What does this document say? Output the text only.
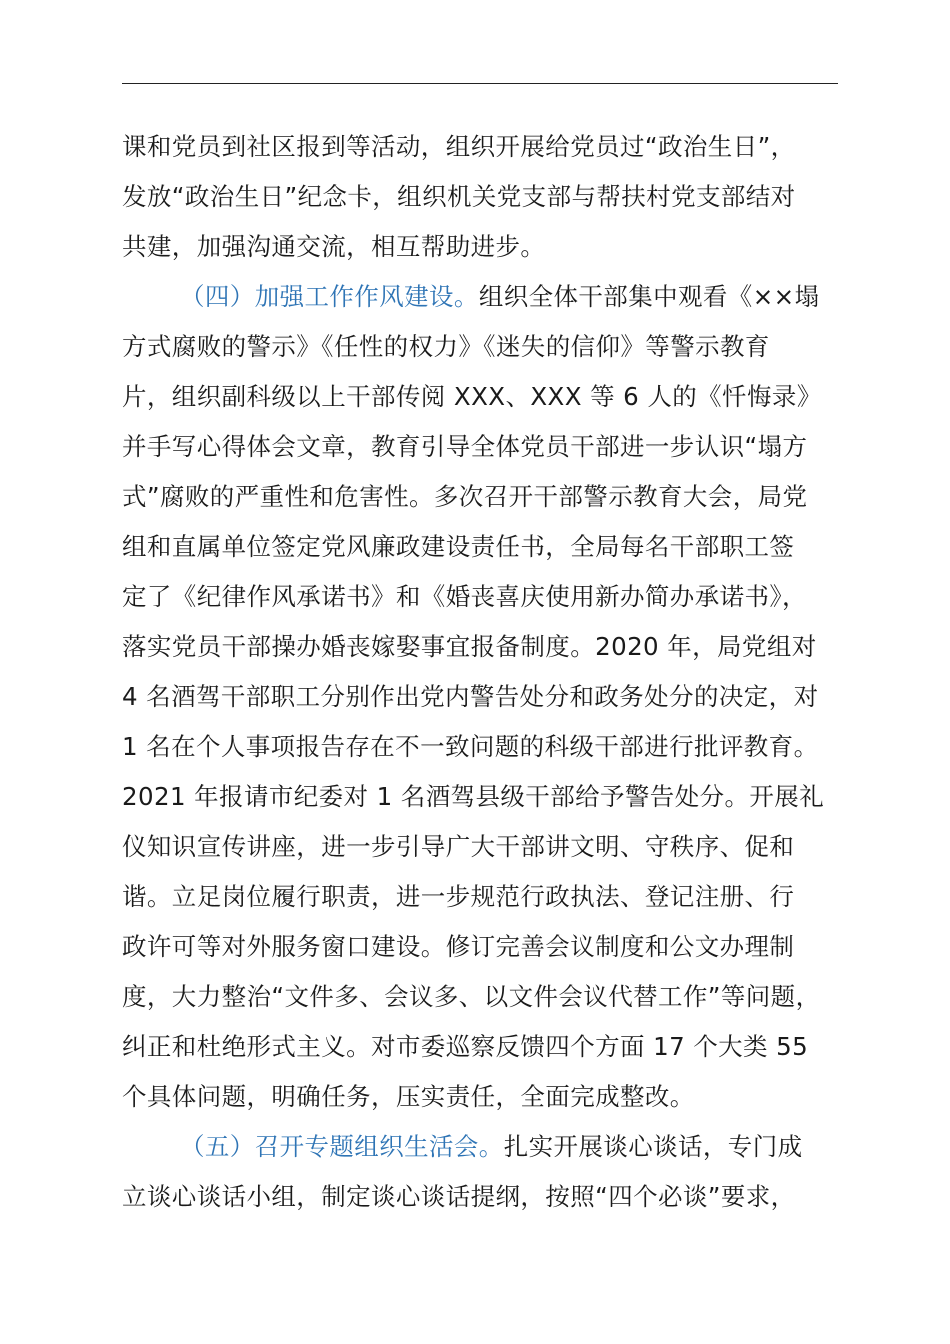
课和党员到社区报到等活动，组织开展给党员过“政治生日”，
发放“政治生日”纪念卡，组织机关党支部与帮扶村党支部结对
共建，加强沟通交流，相互帮助进步。
（四）加强工作作风建设。组织全体干部集中观看《××塌
方式腐败的警示》《任性的权力》《迷失的信仰》等警示教育
片，组织副科级以上干部传阅 XXX、XXX 等 6 人的《忏悔录》
并手写心得体会文章，教育引导全体党员干部进一步认识“塌方
式”腐败的严重性和危害性。多次召开干部警示教育大会，局党
组和直属单位签定党风廉政建设责任书，全局每名干部职工签
定了《纪律作风承诺书》和《婚丧喜庆使用新办简办承诺书》，
落实党员干部操办婚丧嫁娶事宜报备制度。2020 年，局党组对
4 名酒驾干部职工分别作出党内警告处分和政务处分的决定，对
1 名在个人事项报告存在不一致问题的科级干部进行批评教育。
2021 年报请市纪委对 1 名酒驾县级干部给予警告处分。开展礼
仪知识宣传讲座，进一步引导广大干部讲文明、守秩序、促和
谐。立足岗位履行职责，进一步规范行政执法、登记注册、行
政许可等对外服务窗口建设。修订完善会议制度和公文办理制
度，大力整治“文件多、会议多、以文件会议代替工作”等问题，
纠正和杜绝形式主义。对市委巡察反馈四个方面 17 个大类 55
个具体问题，明确任务，压实责任，全面完成整改。
（五）召开专题组织生活会。扎实开展谈心谈话，专门成
立谈心谈话小组，制定谈心谈话提纲，按照“四个必谈”要求，
